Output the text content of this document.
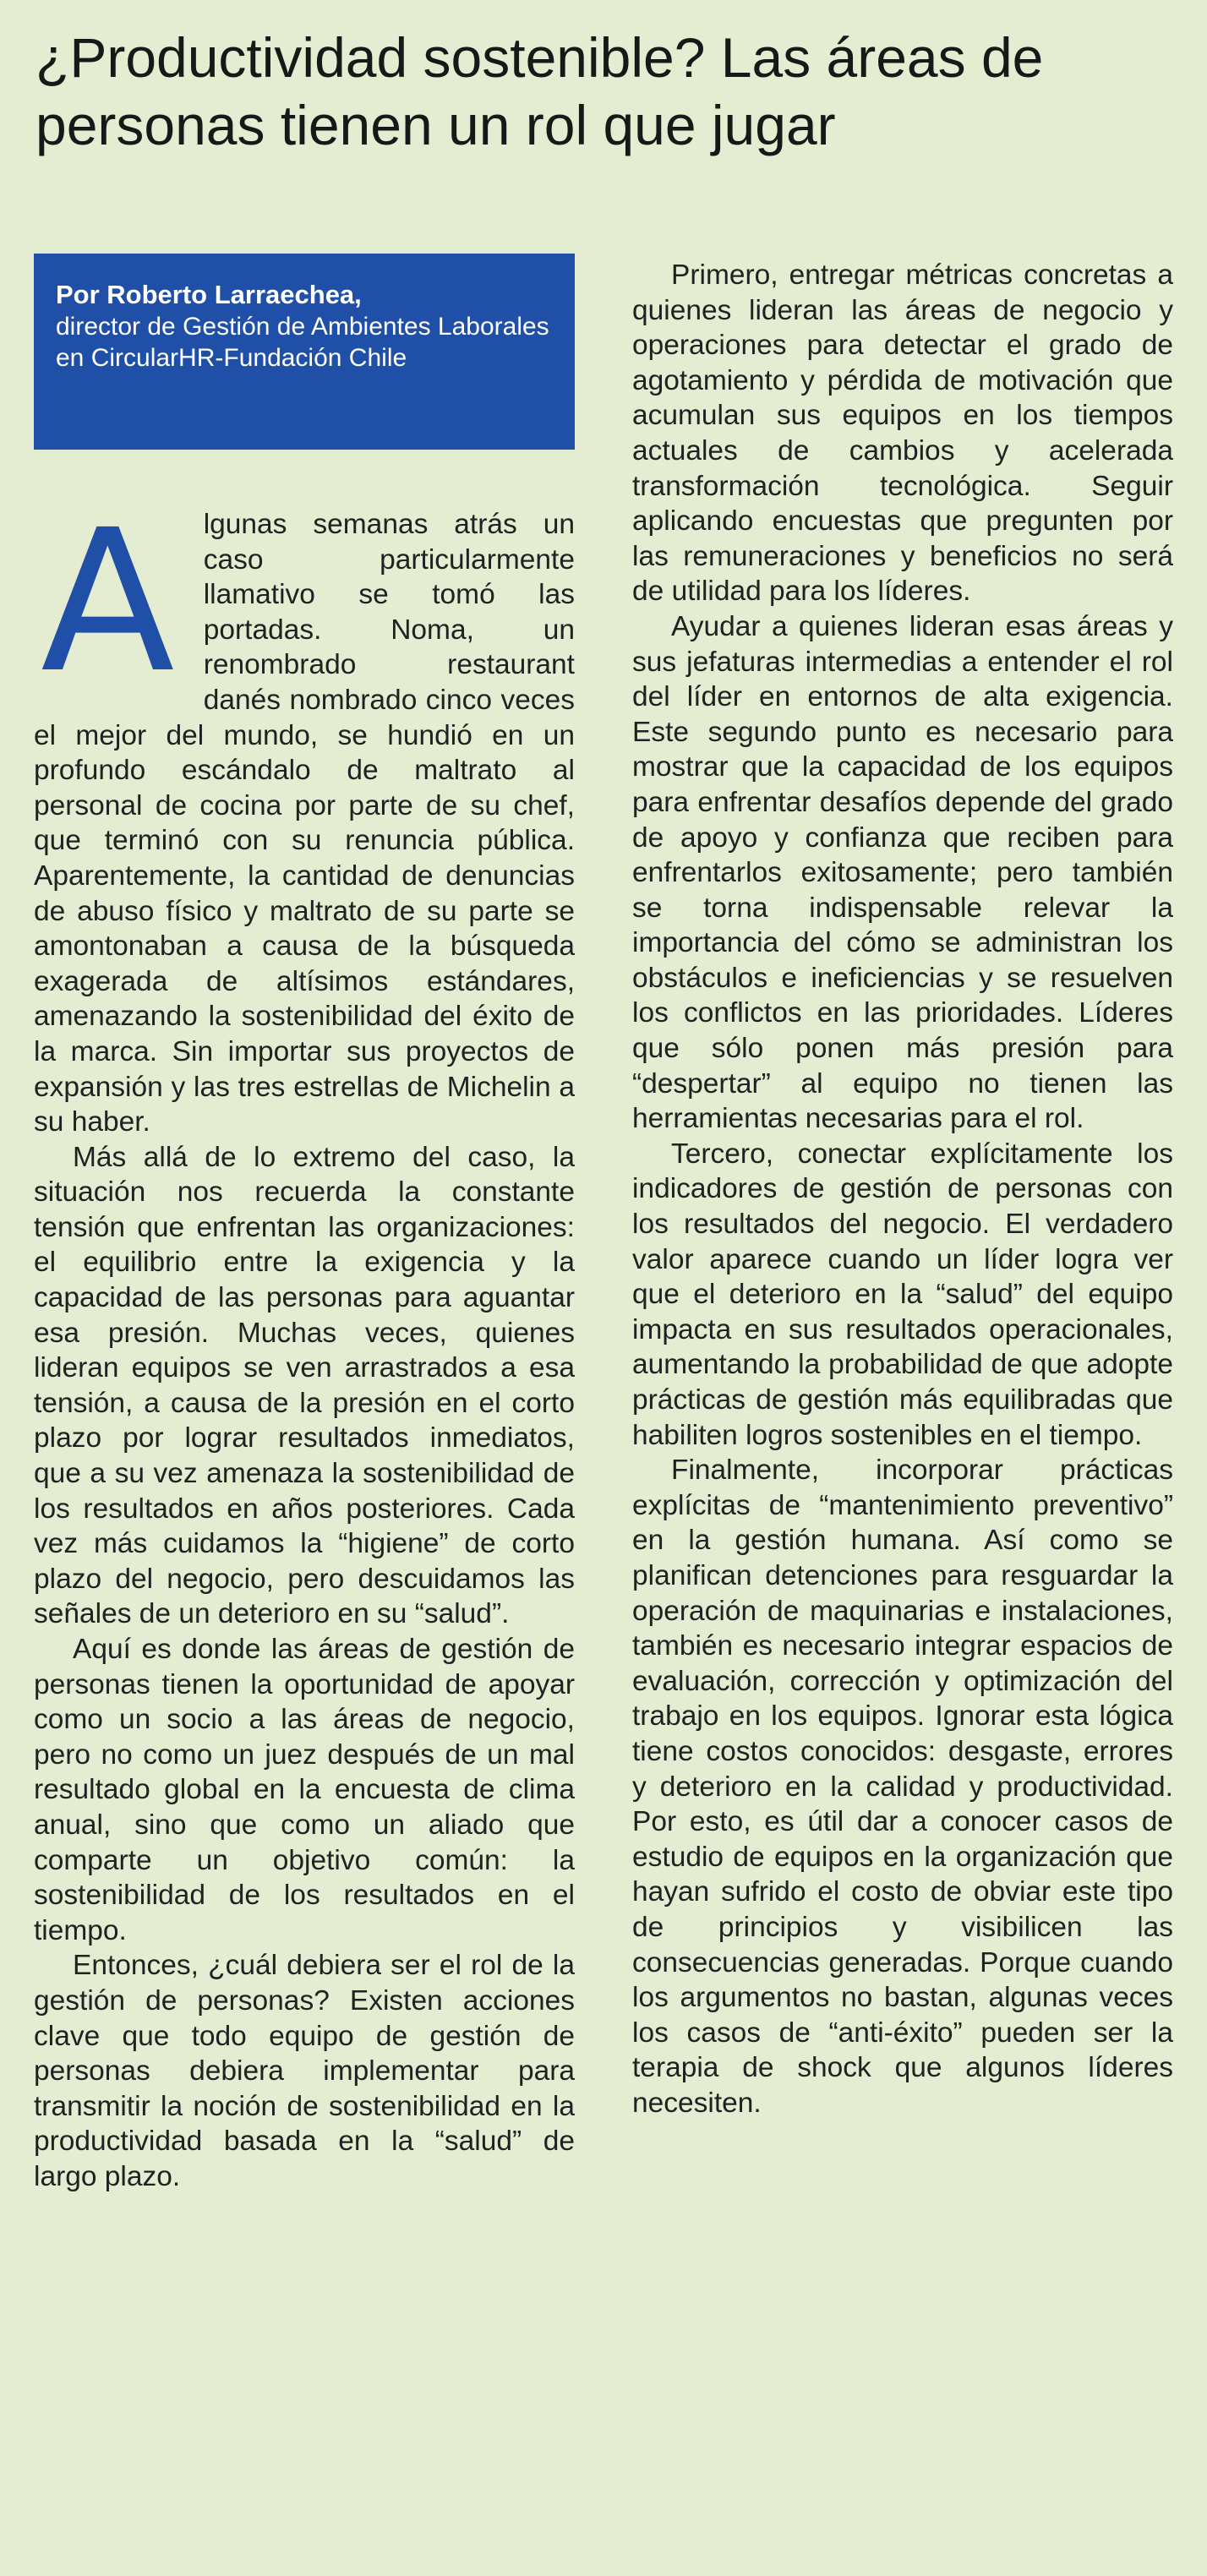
¿Productividad sostenible? Las áreas de personas tienen un rol que jugar
Por Roberto Larraechea,
director de Gestión de Ambientes Laborales en CircularHR-Fundación Chile
A	lgunas semanas atrás un caso particularmente llamativo se tomó las portadas. Noma, un renombrado restaurant danés nombrado cinco veces el mejor del mundo, se hundió en un profundo escándalo de maltrato al personal de cocina por parte de su chef, que terminó con su renuncia pública. Aparentemente, la cantidad de denuncias de abuso físico y maltrato de su parte se amontonaban a causa de la búsqueda exagerada de altísimos estándares, amenazando la sostenibilidad del éxito de la marca. Sin importar sus proyectos de expansión y las tres estrellas de Michelin a su haber.

Más allá de lo extremo del caso, la situación nos recuerda la constante tensión que enfrentan las organizaciones: el equilibrio entre la exigencia y la capacidad de las personas para aguantar esa presión. Muchas veces, quienes lideran equipos se ven arrastrados a esa tensión, a causa de la presión en el corto plazo por lograr resultados inmediatos, que a su vez amenaza la sostenibilidad de los resultados en años posteriores. Cada vez más cuidamos la “higiene” de corto plazo del negocio, pero descuidamos las señales de un deterioro en su “salud”.

Aquí es donde las áreas de gestión de personas tienen la oportunidad de apoyar como un socio a las áreas de negocio, pero no como un juez después de un mal resultado global en la encuesta de clima anual, sino que como un aliado que comparte un objetivo común: la sostenibilidad de los resultados en el tiempo.

Entonces, ¿cuál debiera ser el rol de la gestión de personas? Existen acciones clave que todo equipo de gestión de personas debiera implementar para transmitir la noción de sostenibilidad en la productividad basada en la “salud” de largo plazo.

Primero, entregar métricas concretas a quienes lideran las áreas de negocio y operaciones para detectar el grado de agotamiento y pérdida de motivación que acumulan sus equipos en los tiempos actuales de cambios y acelerada transformación tecnológica. Seguir aplicando encuestas que pregunten por las remuneraciones y beneficios no será de utilidad para los líderes.

Ayudar a quienes lideran esas áreas y sus jefaturas intermedias a entender el rol del líder en entornos de alta exigencia. Este segundo punto es necesario para mostrar que la capacidad de los equipos para enfrentar desafíos depende del grado de apoyo y confianza que reciben para enfrentarlos exitosamente; pero también se torna indispensable relevar la importancia del cómo se administran los obstáculos e ineficiencias y se resuelven los conflictos en las prioridades. Líderes que sólo ponen más presión para “despertar” al equipo no tienen las herramientas necesarias para el rol.

Tercero, conectar explícitamente los indicadores de gestión de personas con los resultados del negocio. El verdadero valor aparece cuando un líder logra ver que el deterioro en la “salud” del equipo impacta en sus resultados operacionales, aumentando la probabilidad de que adopte prácticas de gestión más equilibradas que habiliten logros sostenibles en el tiempo.

Finalmente, incorporar prácticas explícitas de “mantenimiento preventivo” en la gestión humana. Así como se planifican detenciones para resguardar la operación de maquinarias e instalaciones, también es necesario integrar espacios de evaluación, corrección y optimización del trabajo en los equipos. Ignorar esta lógica tiene costos conocidos: desgaste, errores y deterioro en la calidad y productividad. Por esto, es útil dar a conocer casos de estudio de equipos en la organización que hayan sufrido el costo de obviar este tipo de principios y visibilicen las consecuencias generadas. Porque cuando los argumentos no bastan, algunas veces los casos de “anti-éxito” pueden ser la terapia de shock que algunos líderes necesiten.
